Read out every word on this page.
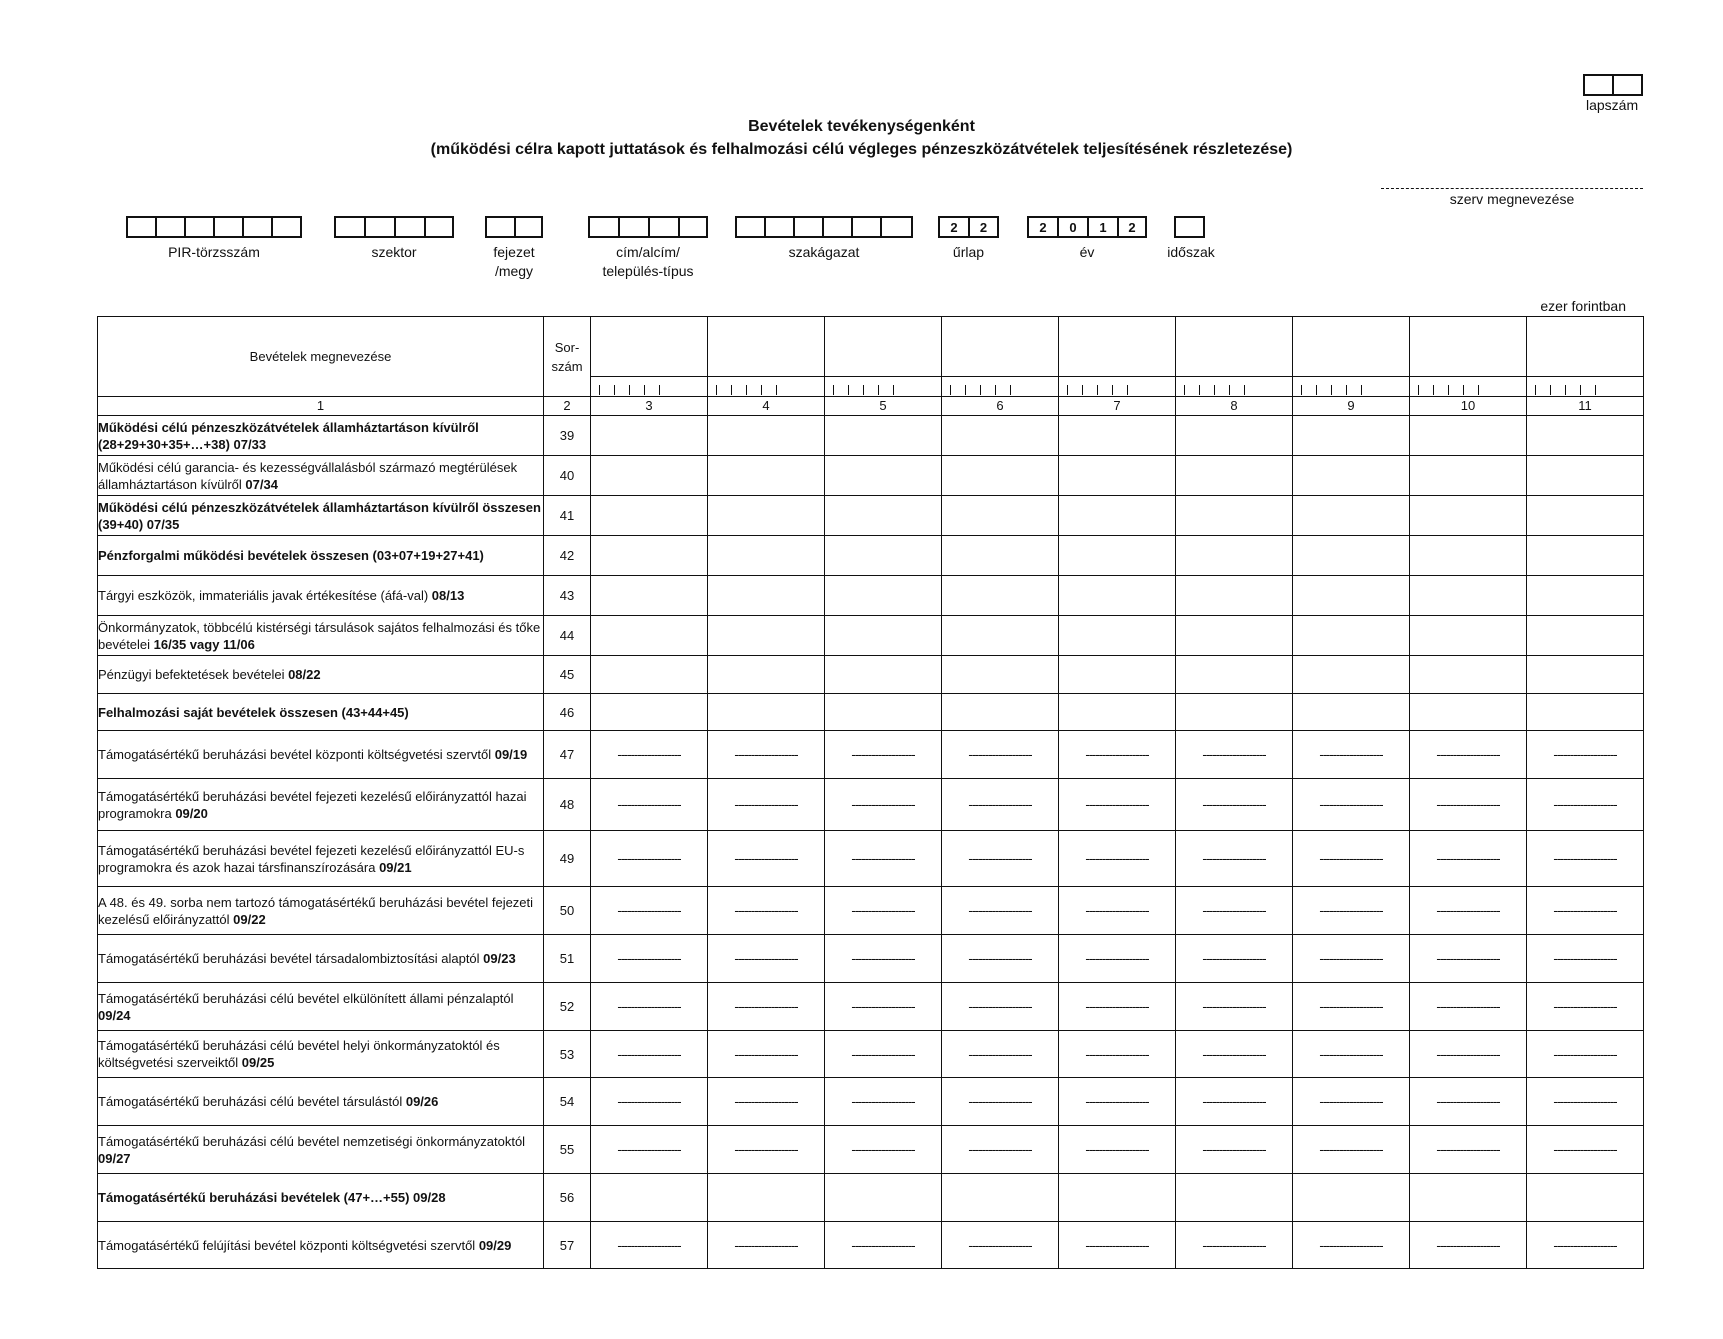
lapszám
Bevételek tevékenységenként
(működési célra kapott juttatások és felhalmozási célú végleges pénzeszközátvételek teljesítésének részletezése)
szerv megnevezése
PIR-törzsszám	szektor	fejezet
/megy
cím/alcím/
település-típus
szakágazat
2	2
űrlap
2	0	1	2
év	időszak
ezer forintban
Bevételek megnevezése	Sor-
szám	

1	2	3	4	5	6	7	8	9	10	11
Működési célú pénzeszközátvételek államháztartáson kívülről (28+29+30+35+…+38) 07/33	39									
Működési célú garancia- és kezességvállalásból származó megtérülések államháztartáson kívülről 07/34	40									
Működési célú pénzeszközátvételek államháztartáson kívülről összesen (39+40) 07/35	41									
Pénzforgalmi működési bevételek összesen (03+07+19+27+41)	42									
Tárgyi eszközök, immateriális javak értékesítése (áfá-val) 08/13	43									
Önkormányzatok, többcélú kistérségi társulások sajátos felhalmozási és tőke bevételei 16/35 vagy 11/06	44									
Pénzügyi befektetések bevételei 08/22	45									
Felhalmozási saját bevételek összesen (43+44+45)	46									
Támogatásértékű beruházási bevétel központi költségvetési szervtől 09/19	47	-------------------	-------------------	-------------------	-------------------	-------------------	-------------------	-------------------	-------------------	-------------------
Támogatásértékű beruházási bevétel fejezeti kezelésű előirányzattól hazai programokra 09/20	48	-------------------	-------------------	-------------------	-------------------	-------------------	-------------------	-------------------	-------------------	-------------------
Támogatásértékű beruházási bevétel fejezeti kezelésű előirányzattól EU-s programokra és azok hazai társfinanszírozására 09/21	49	-------------------	-------------------	-------------------	-------------------	-------------------	-------------------	-------------------	-------------------	-------------------
A 48. és 49. sorba nem tartozó támogatásértékű beruházási bevétel fejezeti kezelésű előirányzattól 09/22	50	-------------------	-------------------	-------------------	-------------------	-------------------	-------------------	-------------------	-------------------	-------------------
Támogatásértékű beruházási bevétel társadalombiztosítási alaptól 09/23	51	-------------------	-------------------	-------------------	-------------------	-------------------	-------------------	-------------------	-------------------	-------------------
Támogatásértékű beruházási célú bevétel elkülönített állami pénzalaptól 09/24	52	-------------------	-------------------	-------------------	-------------------	-------------------	-------------------	-------------------	-------------------	-------------------
Támogatásértékű beruházási célú bevétel helyi önkormányzatoktól és költségvetési szerveiktől 09/25	53	-------------------	-------------------	-------------------	-------------------	-------------------	-------------------	-------------------	-------------------	-------------------
Támogatásértékű beruházási célú bevétel társulástól 09/26	54	-------------------	-------------------	-------------------	-------------------	-------------------	-------------------	-------------------	-------------------	-------------------
Támogatásértékű beruházási célú bevétel nemzetiségi önkormányzatoktól 09/27	55	-------------------	-------------------	-------------------	-------------------	-------------------	-------------------	-------------------	-------------------	-------------------
Támogatásértékű beruházási bevételek (47+…+55) 09/28	56									
Támogatásértékű felújítási bevétel központi költségvetési szervtől 09/29	57	-------------------	-------------------	-------------------	-------------------	-------------------	-------------------	-------------------	-------------------	-------------------
